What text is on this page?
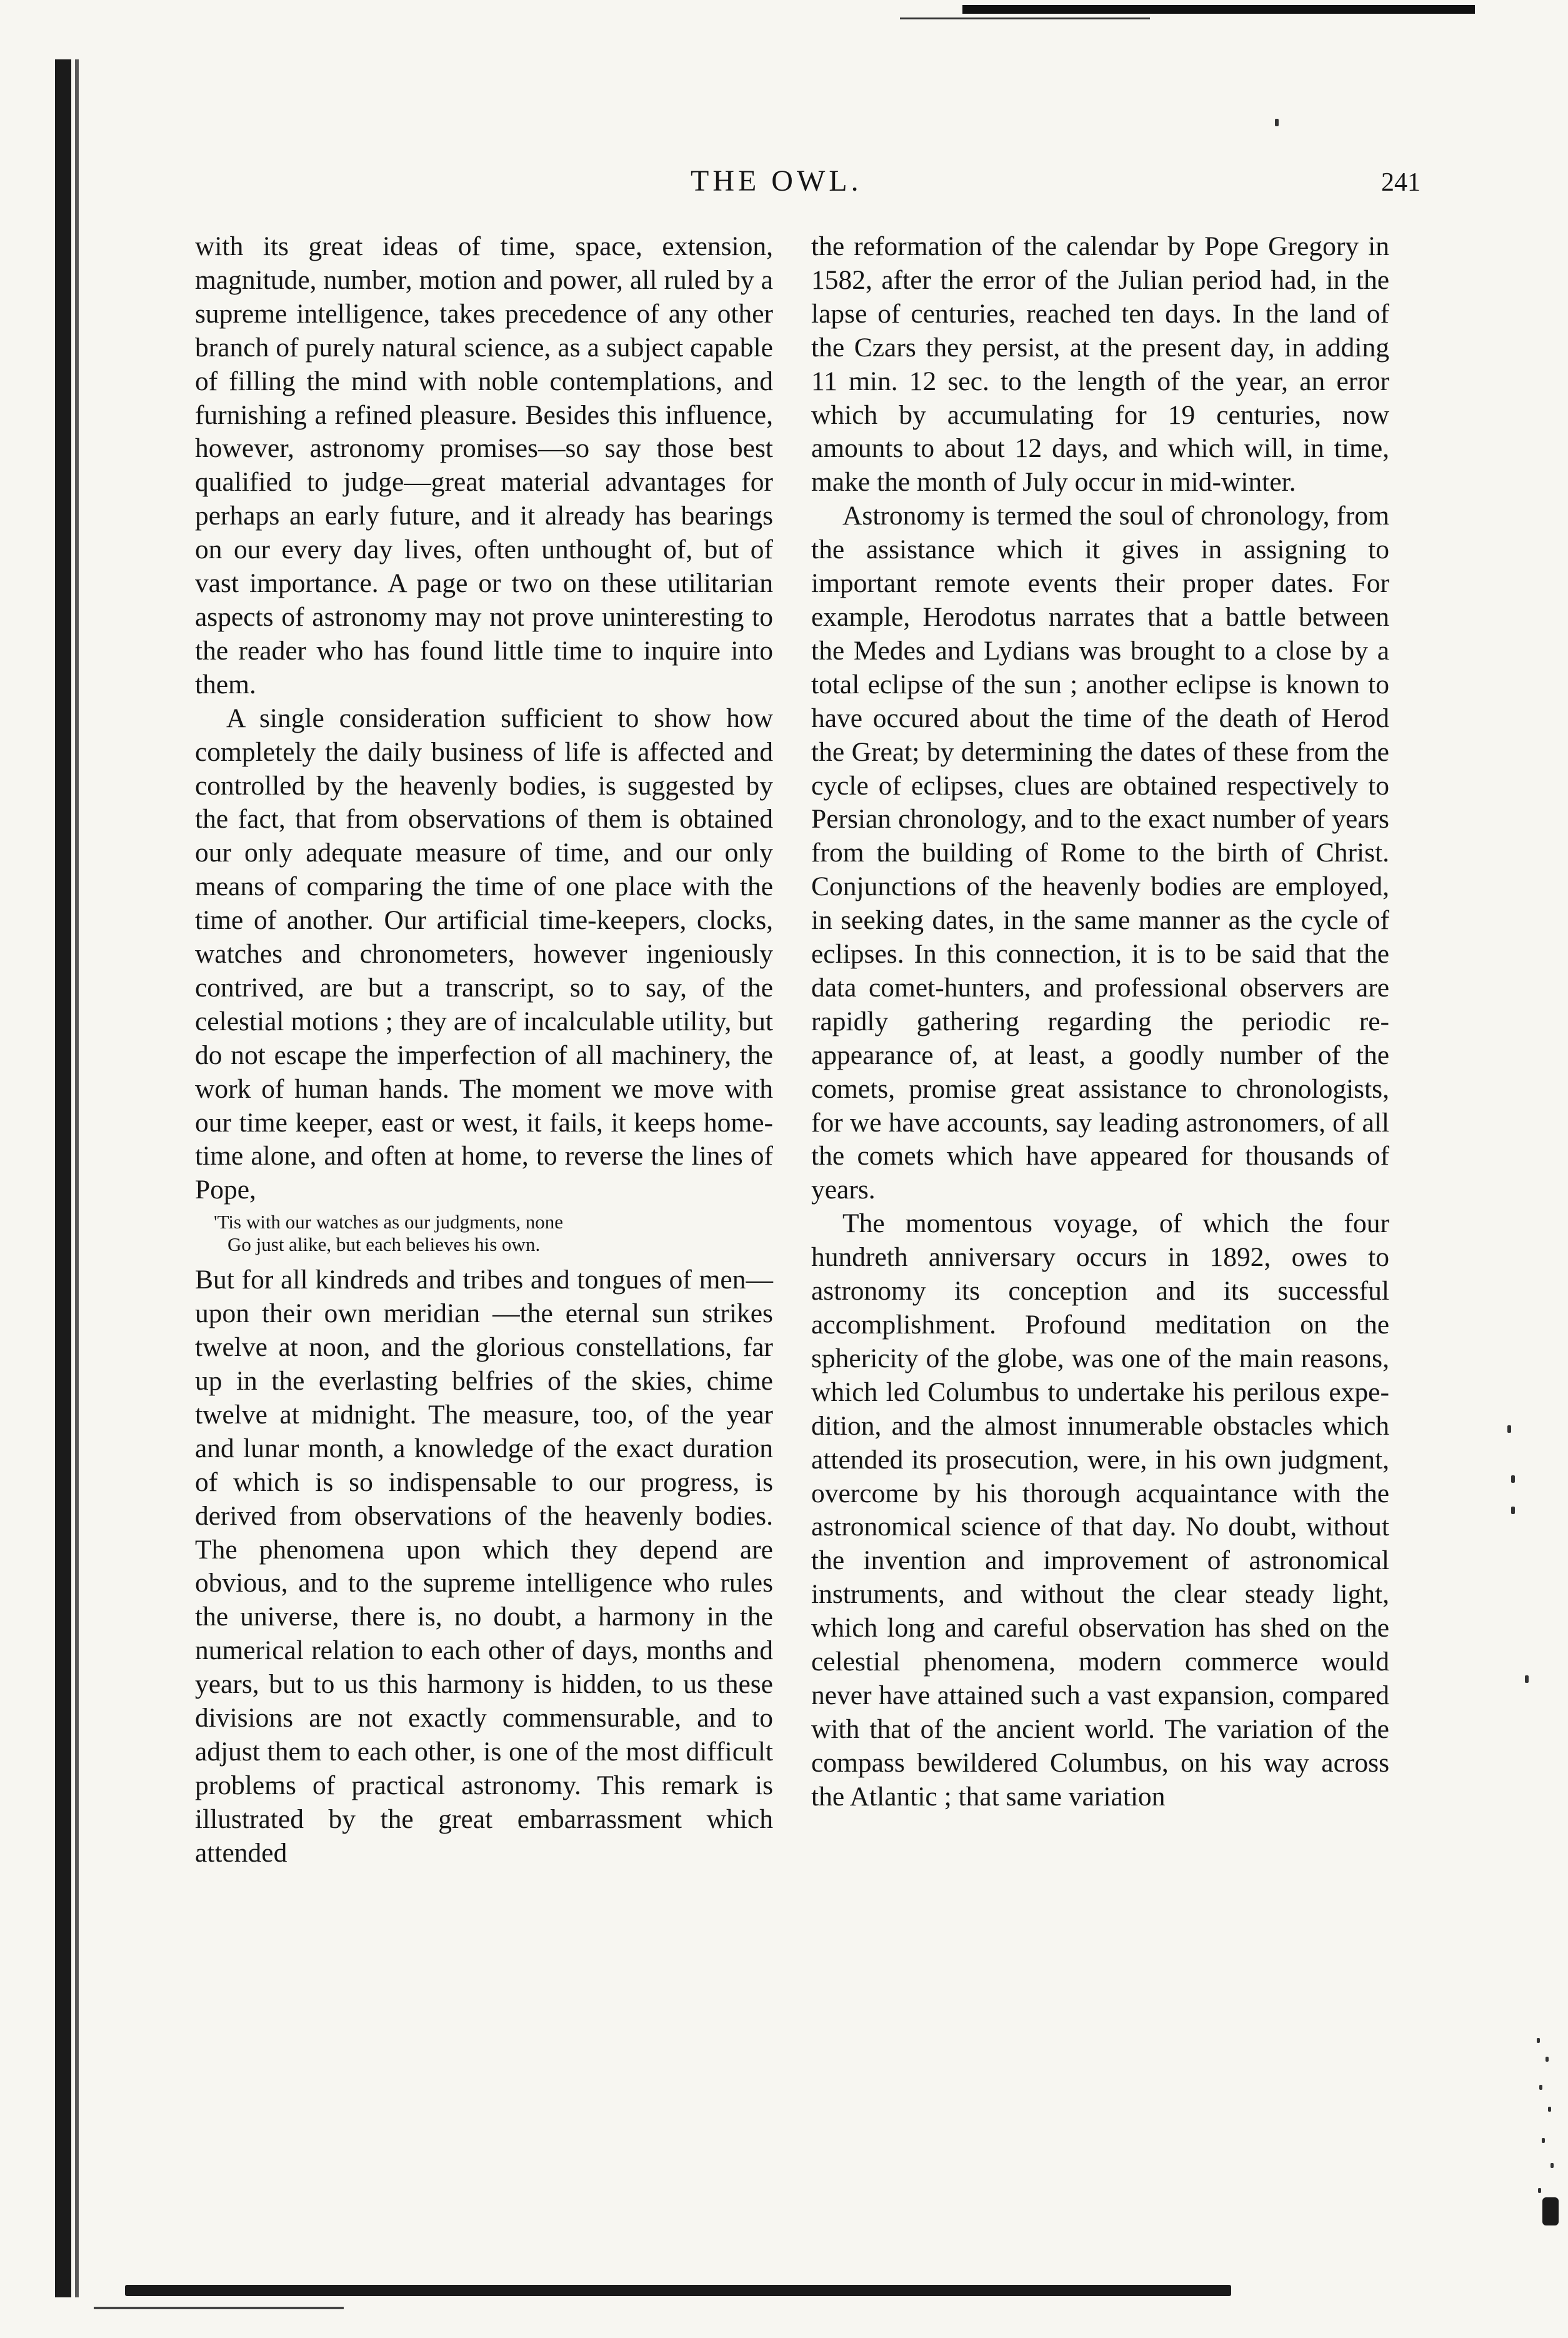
THE OWL.	241

with its great ideas of time, space, extension, magnitude, number, motion and power, all ruled by a supreme intelligence, takes precedence of any other branch of purely natural science, as a subject capable of filling the mind with noble contemplations, and furnishing a refined pleasure. Besides this influence, however, astronomy promises—so say those best qualified to judge—great material advantages for perhaps an early future, and it already has bearings on our every day lives, often unthought of, but of vast importance. A page or two on these utilitarian aspects of astronomy may not prove uninteresting to the reader who has found little time to inquire into them.

A single consideration sufficient to show how completely the daily business of life is affected and controlled by the heavenly bodies, is suggested by the fact, that from observations of them is obtained our only adequate measure of time, and our only means of comparing the time of one place with the time of another. Our artificial time-keepers, clocks, watches and chronometers, however ingeniously contrived, are but a transcript, so to say, of the celestial motions ; they are of incalculable utility, but do not escape the imperfection of all machinery, the work of human hands. The moment we move with our time keeper, east or west, it fails, it keeps home-time alone, and often at home, to reverse the lines of Pope,

'Tis with our watches as our judgments, none
Go just alike, but each believes his own.

But for all kindreds and tribes and tongues of men—upon their own meridian —the eternal sun strikes twelve at noon, and the glorious constellations, far up in the everlasting belfries of the skies, chime twelve at midnight. The measure, too, of the year and lunar month, a knowledge of the exact duration of which is so indispensable to our progress, is derived from observations of the heavenly bodies. The phenomena upon which they depend are obvious, and to the supreme intelligence who rules the universe, there is, no doubt, a harmony in the numerical relation to each other of days, months and years, but to us this harmony is hidden, to us these divisions are not exactly commensurable, and to adjust them to each other, is one of the most difficult problems of practical astronomy. This remark is illustrated by the great embarrassment which attended

the reformation of the calendar by Pope Gregory in 1582, after the error of the Julian period had, in the lapse of centuries, reached ten days. In the land of the Czars they persist, at the present day, in adding 11 min. 12 sec. to the length of the year, an error which by accumulating for 19 centuries, now amounts to about 12 days, and which will, in time, make the month of July occur in mid-winter.

Astronomy is termed the soul of chronology, from the assistance which it gives in assigning to important remote events their proper dates. For example, Herodotus narrates that a battle between the Medes and Lydians was brought to a close by a total eclipse of the sun ; another eclipse is known to have occured about the time of the death of Herod the Great; by determining the dates of these from the cycle of eclipses, clues are obtained respectively to Persian chronology, and to the exact number of years from the building of Rome to the birth of Christ. Conjunctions of the heavenly bodies are employed, in seeking dates, in the same manner as the cycle of eclipses. In this connection, it is to be said that the data comet-hunters, and professional observers are rapidly gathering regarding the periodic re-appearance of, at least, a goodly number of the comets, promise great assistance to chronologists, for we have accounts, say leading astronomers, of all the comets which have appeared for thousands of years.

The momentous voyage, of which the four hundreth anniversary occurs in 1892, owes to astronomy its conception and its successful accomplishment. Profound meditation on the sphericity of the globe, was one of the main reasons, which led Columbus to undertake his perilous expedition, and the almost innumerable obstacles which attended its prosecution, were, in his own judgment, overcome by his thorough acquaintance with the astronomical science of that day. No doubt, without the invention and improvement of astronomical instruments, and without the clear steady light, which long and careful observation has shed on the celestial phenomena, modern commerce would never have attained such a vast expansion, compared with that of the ancient world. The variation of the compass bewildered Columbus, on his way across the Atlantic ; that same variation
